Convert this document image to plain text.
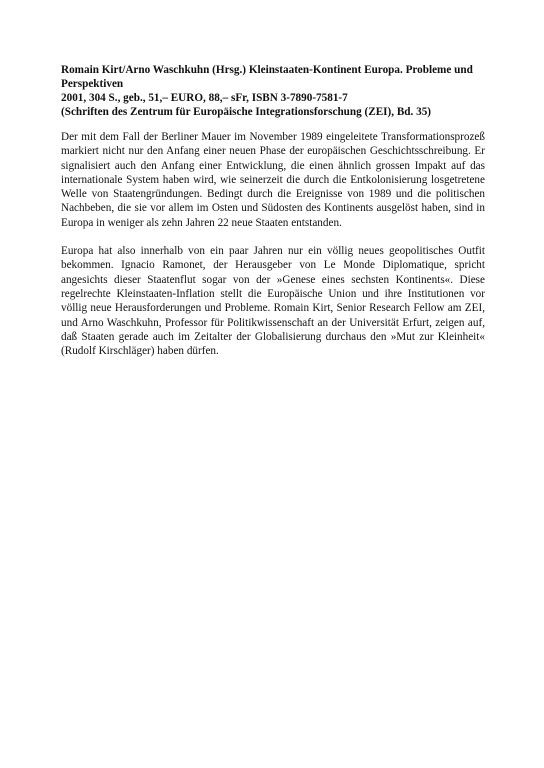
Romain Kirt/Arno Waschkuhn (Hrsg.) Kleinstaaten-Kontinent Europa. Probleme und Perspektiven
2001, 304 S., geb., 51,– EURO, 88,– sFr, ISBN 3-7890-7581-7
(Schriften des Zentrum für Europäische Integrationsforschung (ZEI), Bd. 35)

Der mit dem Fall der Berliner Mauer im November 1989 eingeleitete Transformationsprozeß markiert nicht nur den Anfang einer neuen Phase der europäischen Geschichtsschreibung. Er signalisiert auch den Anfang einer Entwicklung, die einen ähnlich grossen Impakt auf das internationale System haben wird, wie seinerzeit die durch die Entkolonisierung losgetretene Welle von Staatengründungen. Bedingt durch die Ereignisse von 1989 und die politischen Nachbeben, die sie vor allem im Osten und Südosten des Kontinents ausgelöst haben, sind in Europa in weniger als zehn Jahren 22 neue Staaten entstanden.

Europa hat also innerhalb von ein paar Jahren nur ein völlig neues geopolitisches Outfit bekommen. Ignacio Ramonet, der Herausgeber von Le Monde Diplomatique, spricht angesichts dieser Staatenflut sogar von der »Genese eines sechsten Kontinents«. Diese regelrechte Kleinstaaten-Inflation stellt die Europäische Union und ihre Institutionen vor völlig neue Herausforderungen und Probleme. Romain Kirt, Senior Research Fellow am ZEI, und Arno Waschkuhn, Professor für Politikwissenschaft an der Universität Erfurt, zeigen auf, daß Staaten gerade auch im Zeitalter der Globalisierung durchaus den »Mut zur Kleinheit« (Rudolf Kirschläger) haben dürfen.
